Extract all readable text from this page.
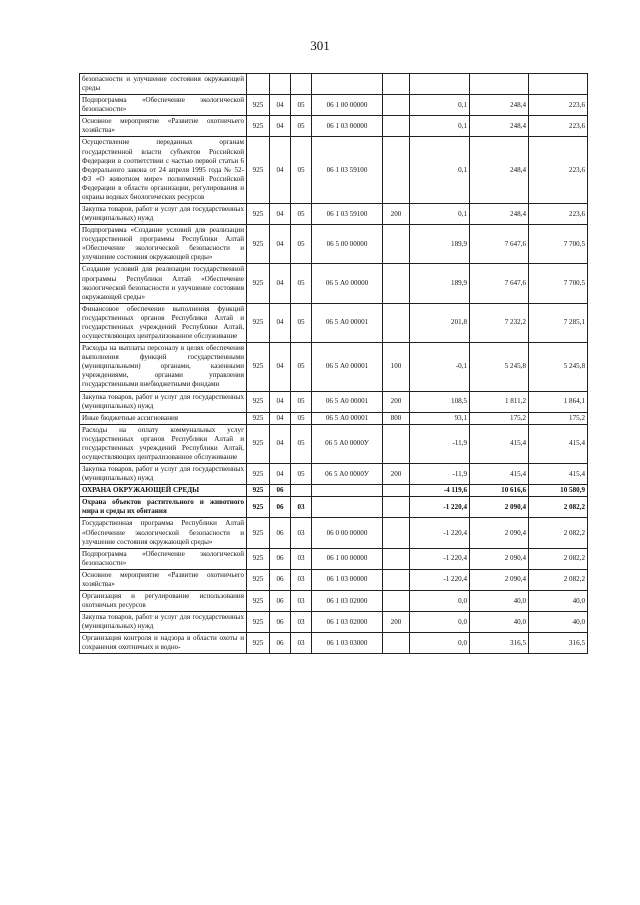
301
безопасности и улучшение состояния окружающей среды								
Подпрограмма «Обеспечение экологической безопасности»	925	04	05	06 1 00 00000		0,1	248,4	223,6
Основное мероприятие «Развитие охотничьего хозяйства»	925	04	05	06 1 03 00000		0,1	248,4	223,6
Осуществление переданных органам государственной власти субъектов Российской Федерации в соответствии с частью первой статьи 6 Федерального закона от 24 апреля 1995 года № 52-ФЗ «О животном мире» полномочий Российской Федерации в области организации, регулирования и охраны водных биологических ресурсов	925	04	05	06 1 03 59100		0,1	248,4	223,6
Закупка товаров, работ и услуг для государственных (муниципальных) нужд	925	04	05	06 1 03 59100	200	0,1	248,4	223,6
Подпрограмма «Создание условий для реализации государственной программы Республики Алтай «Обеспечение экологической безопасности и улучшение состояния окружающей среды»	925	04	05	06 5 00 00000		189,9	7 647,6	7 700,5
Создание условий для реализации государственной программы Республики Алтай «Обеспечение экологической безопасности и улучшение состояния окружающей среды»	925	04	05	06 5 А0 00000		189,9	7 647,6	7 700,5
Финансовое обеспечение выполнения функций государственных органов Республики Алтай и государственных учреждений Республики Алтай, осуществляющих централизованное обслуживание	925	04	05	06 5 А0 00001		201,8	7 232,2	7 285,1
Расходы на выплаты персоналу в целях обеспечения выполнения функций государственными (муниципальными) органами, казенными учреждениями, органами управления государственными внебюджетными фондами	925	04	05	06 5 А0 00001	100	-0,1	5 245,8	5 245,8
Закупка товаров, работ и услуг для государственных (муниципальных) нужд	925	04	05	06 5 А0 00001	200	108,5	1 811,2	1 864,1
Иные бюджетные ассигнования	925	04	05	06 5 А0 00001	800	93,1	175,2	175,2
Расходы на оплату коммунальных услуг государственных органов Республики Алтай и государственных учреждений Республики Алтай, осуществляющих централизованное обслуживание	925	04	05	06 5 А0 0000У		-11,9	415,4	415,4
Закупка товаров, работ и услуг для государственных (муниципальных) нужд	925	04	05	06 5 А0 0000У	200	-11,9	415,4	415,4
ОХРАНА ОКРУЖАЮЩЕЙ СРЕДЫ	925	06				-4 119,6	10 616,6	10 580,9
Охрана объектов растительного и животного мира и среды их обитания	925	06	03			-1 220,4	2 090,4	2 082,2
Государственная программа Республики Алтай «Обеспечение экологической безопасности и улучшение состояния окружающей среды»	925	06	03	06 0 00 00000		-1 220,4	2 090,4	2 082,2
Подпрограмма «Обеспечение экологической безопасности»	925	06	03	06 1 00 00000		-1 220,4	2 090,4	2 082,2
Основное мероприятие «Развитие охотничьего хозяйства»	925	06	03	06 1 03 00000		-1 220,4	2 090,4	2 082,2
Организация и регулирование использования охотничьих ресурсов	925	06	03	06 1 03 02000		0,0	40,0	40,0
Закупка товаров, работ и услуг для государственных (муниципальных) нужд	925	06	03	06 1 03 02000	200	0,0	40,0	40,0
Организация контроля и надзора в области охоты и сохранения охотничьих и водно-	925	06	03	06 1 03 03000		0,0	316,5	316,5
